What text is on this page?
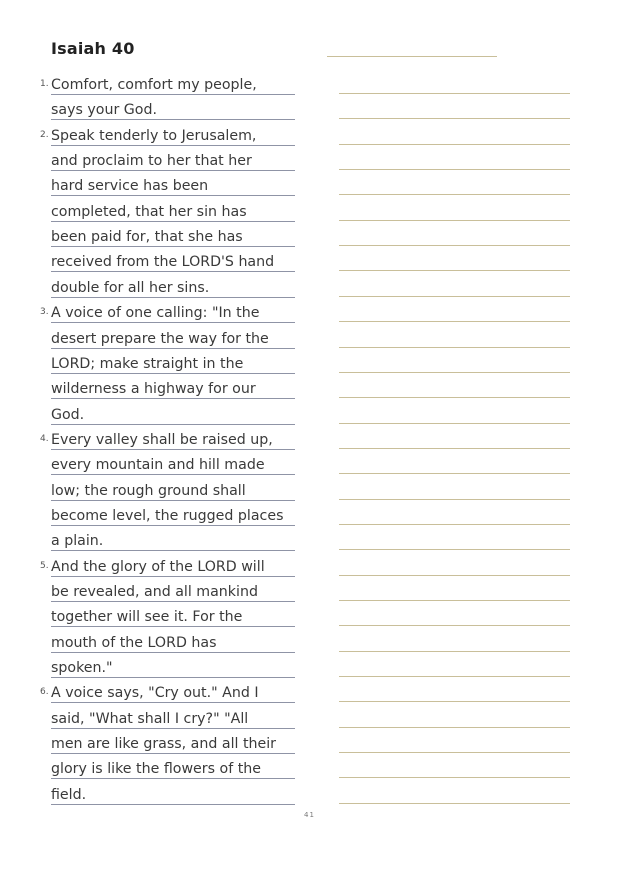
Isaiah 40
1. Comfort, comfort my people,
says your God.
2. Speak tenderly to Jerusalem,
and proclaim to her that her
hard service has been
completed, that her sin has
been paid for, that she has
received from the LORD'S hand
double for all her sins.
3. A voice of one calling: "In the
desert prepare the way for the
LORD; make straight in the
wilderness a highway for our
God.
4. Every valley shall be raised up,
every mountain and hill made
low; the rough ground shall
become level, the rugged places
a plain.
5. And the glory of the LORD will
be revealed, and all mankind
together will see it. For the
mouth of the LORD has
spoken."
6. A voice says, "Cry out." And I
said, "What shall I cry?" "All
men are like grass, and all their
glory is like the flowers of the
field.
41
